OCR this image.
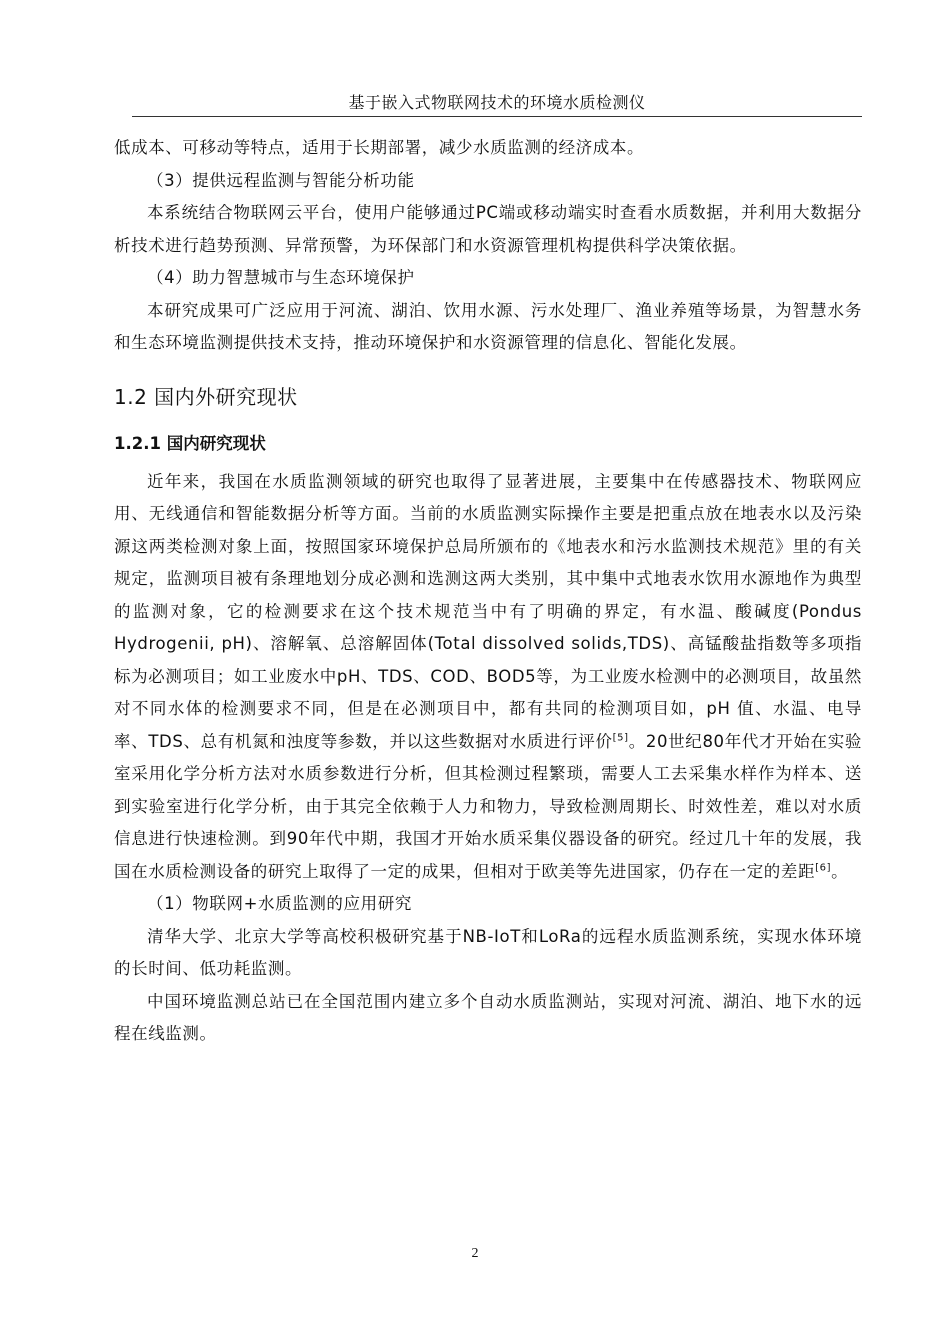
基于嵌入式物联网技术的环境水质检测仪

低成本、可移动等特点，适用于长期部署，减少水质监测的经济成本。

（3）提供远程监测与智能分析功能

本系统结合物联网云平台，使用户能够通过PC端或移动端实时查看水质数据，并利用大数据分析技术进行趋势预测、异常预警，为环保部门和水资源管理机构提供科学决策依据。

（4）助力智慧城市与生态环境保护

本研究成果可广泛应用于河流、湖泊、饮用水源、污水处理厂、渔业养殖等场景，为智慧水务和生态环境监测提供技术支持，推动环境保护和水资源管理的信息化、智能化发展。

1.2 国内外研究现状
1.2.1 国内研究现状

近年来，我国在水质监测领域的研究也取得了显著进展，主要集中在传感器技术、物联网应用、无线通信和智能数据分析等方面。当前的水质监测实际操作主要是把重点放在地表水以及污染源这两类检测对象上面，按照国家环境保护总局所颁布的《地表水和污水监测技术规范》里的有关规定，监测项目被有条理地划分成必测和选测这两大类别，其中集中式地表水饮用水源地作为典型的监测对象，它的检测要求在这个技术规范当中有了明确的界定，有水温、酸碱度(Pondus Hydrogenii, pH)、溶解氧、总溶解固体(Total dissolved solids,TDS)、高锰酸盐指数等多项指标为必测项目；如工业废水中pH、TDS、COD、BOD5等，为工业废水检测中的必测项目，故虽然对不同水体的检测要求不同，但是在必测项目中，都有共同的检测项目如，pH 值、水温、电导率、TDS、总有机氮和浊度等参数，并以这些数据对水质进行评价[5]。20世纪80年代才开始在实验室采用化学分析方法对水质参数进行分析，但其检测过程繁琐，需要人工去采集水样作为样本、送到实验室进行化学分析，由于其完全依赖于人力和物力，导致检测周期长、时效性差，难以对水质信息进行快速检测。到90年代中期，我国才开始水质采集仪器设备的研究。经过几十年的发展，我国在水质检测设备的研究上取得了一定的成果，但相对于欧美等先进国家，仍存在一定的差距[6]。

（1）物联网+水质监测的应用研究

清华大学、北京大学等高校积极研究基于NB-IoT和LoRa的远程水质监测系统，实现水体环境的长时间、低功耗监测。

中国环境监测总站已在全国范围内建立多个自动水质监测站，实现对河流、湖泊、地下水的远程在线监测。

2
